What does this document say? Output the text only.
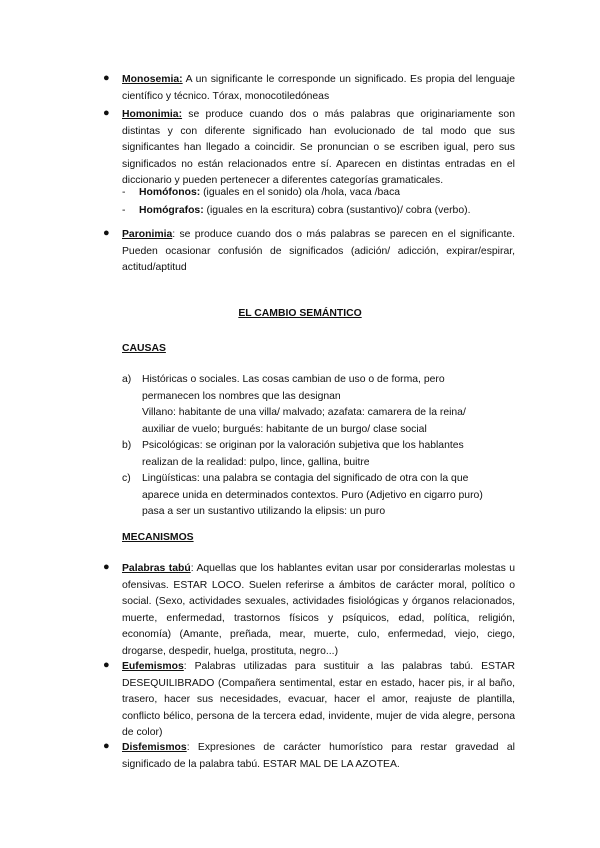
● Monosemia: A un significante le corresponde un significado. Es propia del lenguaje científico y técnico. Tórax, monocotiledóneas
● Homonimia: se produce cuando dos o más palabras que originariamente son distintas y con diferente significado han evolucionado de tal modo que sus significantes han llegado a coincidir. Se pronuncian o se escriben igual, pero sus significados no están relacionados entre sí. Aparecen en distintas entradas en el diccionario y pueden pertenecer a diferentes categorías gramaticales.
- Homófonos: (iguales en el sonido) ola /hola, vaca /baca
- Homógrafos: (iguales en la escritura) cobra (sustantivo)/ cobra (verbo).
● Paronimia: se produce cuando dos o más palabras se parecen en el significante. Pueden ocasionar confusión de significados (adición/ adicción, expirar/espirar, actitud/aptitud
EL CAMBIO SEMÁNTICO
CAUSAS
a) Históricas o sociales. Las cosas cambian de uso o de forma, pero
permanecen los nombres que las designan
Villano: habitante de una villa/ malvado; azafata: camarera de la reina/
auxiliar de vuelo; burgués: habitante de un burgo/ clase social
b) Psicológicas: se originan por la valoración subjetiva que los hablantes
realizan de la realidad: pulpo, lince, gallina, buitre
c) Lingüísticas: una palabra se contagia del significado de otra con la que
aparece unida en determinados contextos. Puro (Adjetivo en cigarro puro)
pasa a ser un sustantivo utilizando la elipsis: un puro
MECANISMOS
● Palabras tabú: Aquellas que los hablantes evitan usar por considerarlas molestas u ofensivas. ESTAR LOCO. Suelen referirse a ámbitos de carácter moral, político o social. (Sexo, actividades sexuales, actividades fisiológicas y órganos relacionados, muerte, enfermedad, trastornos físicos y psíquicos, edad, política, religión, economía) (Amante, preñada, mear, muerte, culo, enfermedad, viejo, ciego, drogarse, despedir, huelga, prostituta, negro...)
● Eufemismos: Palabras utilizadas para sustituir a las palabras tabú. ESTAR DESEQUILIBRADO (Compañera sentimental, estar en estado, hacer pis, ir al baño, trasero, hacer sus necesidades, evacuar, hacer el amor, reajuste de plantilla, conflicto bélico, persona de la tercera edad, invidente, mujer de vida alegre, persona de color)
● Disfemismos: Expresiones de carácter humorístico para restar gravedad al significado de la palabra tabú. ESTAR MAL DE LA AZOTEA.
